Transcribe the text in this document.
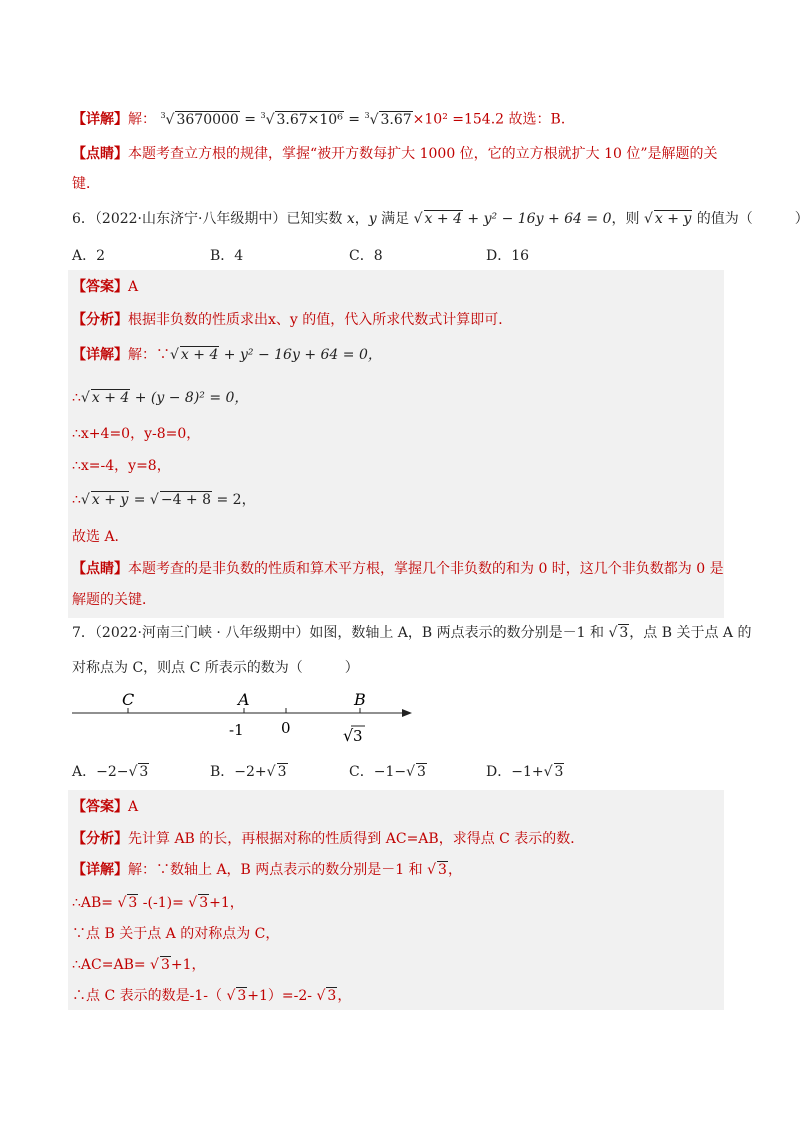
【详解】解： $^3$√ 3670000 = $^3$√ 3.67×10⁶ = $^3$√ 3.67×10² =154.2 故选：B．
【点睛】本题考查立方根的规律，掌握“被开方数每扩大 1000 位，它的立方根就扩大 10 位”是解题的关
键．
6．（2022·山东济宁·八年级期中）已知实数 x，y 满足 √ x + 4 + y² − 16y + 64 = 0，则 √ x + y 的值为（　　　）
A．2	B．4	C．8	D．16
【答案】A
【分析】根据非负数的性质求出x、y 的值，代入所求代数式计算即可．
【详解】解：∵√ x + 4 + y² − 16y + 64 = 0，
∴√ x + 4 + (y − 8)² = 0，
∴x+4=0，y-8=0，
∴x=-4，y=8，
∴√ x + y = √ −4 + 8 = 2，
故选 A．
【点睛】本题考查的是非负数的性质和算术平方根，掌握几个非负数的和为 0 时，这几个非负数都为 0 是
解题的关键．
7．（2022·河南三门峡 · 八年级期中）如图，数轴上 A，B 两点表示的数分别是－1 和 √ 3，点 B 关于点 A 的
对称点为 C，则点 C 所表示的数为（　　　）
C	A	B
-1 0	√ 3
A．−2−√ 3	B．−2+√ 3	C．−1−√ 3	D．−1+√ 3
【答案】A
【分析】先计算 AB 的长，再根据对称的性质得到 AC=AB，求得点 C 表示的数．
【详解】解：∵数轴上 A，B 两点表示的数分别是－1 和 √ 3，
∴AB= √ 3 -(-1)= √ 3+1，
∵点 B 关于点 A 的对称点为 C，
∴AC=AB= √ 3+1，
∴点 C 表示的数是-1-（ √ 3+1）=-2- √ 3，
